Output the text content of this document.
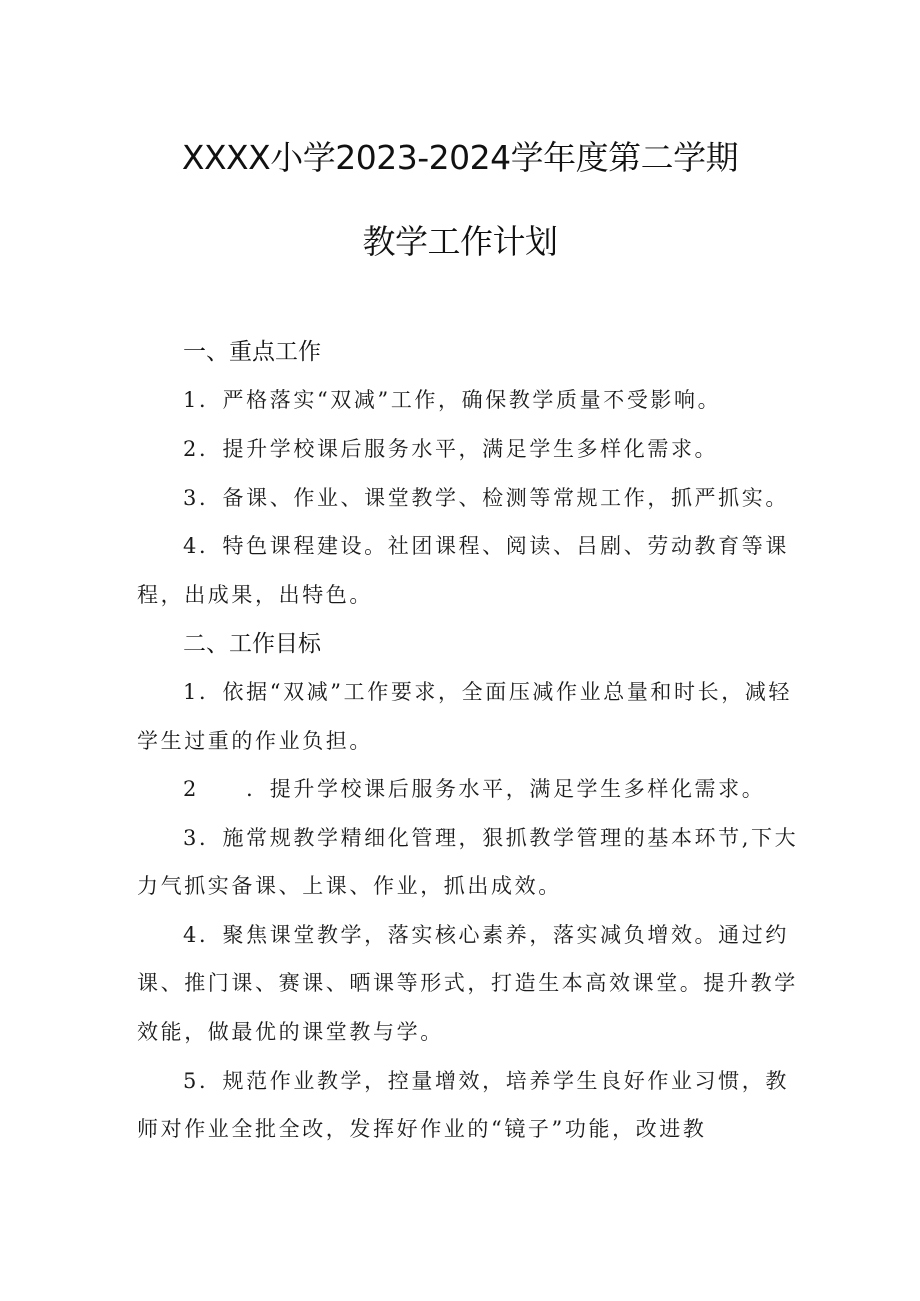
XXXX小学2023-2024学年度第二学期
教学工作计划
一、重点工作
1．严格落实“双减”工作，确保教学质量不受影响。
2．提升学校课后服务水平，满足学生多样化需求。
3．备课、作业、课堂教学、检测等常规工作，抓严抓实。
4．特色课程建设。社团课程、阅读、吕剧、劳动教育等课
程，出成果，出特色。
二、工作目标
1．依据“双减”工作要求，全面压减作业总量和时长，减轻
学生过重的作业负担。
2　　．提升学校课后服务水平，满足学生多样化需求。
3．施常规教学精细化管理，狠抓教学管理的基本环节,下大
力气抓实备课、上课、作业，抓出成效。
4．聚焦课堂教学，落实核心素养，落实减负增效。通过约
课、推门课、赛课、晒课等形式，打造生本高效课堂。提升教学
效能，做最优的课堂教与学。
5．规范作业教学，控量增效，培养学生良好作业习惯，教
师对作业全批全改，发挥好作业的“镜子”功能，改进教
